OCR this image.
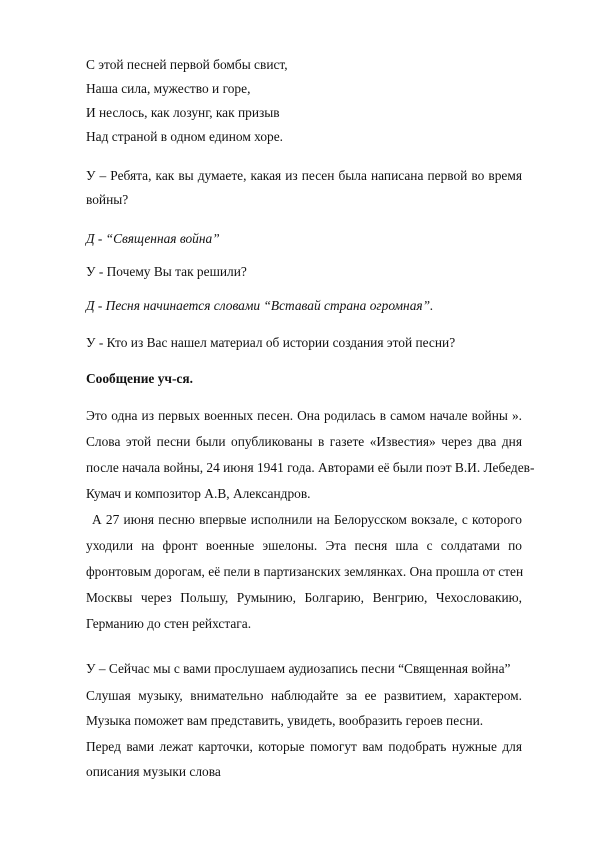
С этой песней первой бомбы свист,
Наша сила, мужество и горе,
И неслось, как лозунг, как призыв
Над страной в одном едином хоре.
У – Ребята, как вы думаете, какая из песен была написана первой во время
войны?
Д - “Священная война”
У - Почему Вы так решили?
Д - Песня начинается словами “Вставай страна огромная”.
У - Кто из Вас нашел материал об истории создания этой песни?
Сообщение уч-ся.
Это одна из первых военных песен. Она родилась в самом начале войны ».
Слова этой песни были опубликованы в газете «Известия» через два дня
после начала войны, 24 июня 1941 года. Авторами её были поэт В.И. Лебедев-
Кумач и композитор А.В, Александров.
А 27 июня песню впервые исполнили на Белорусском вокзале, с которого
уходили на фронт военные эшелоны. Эта песня шла с солдатами по
фронтовым дорогам, её пели в партизанских землянках. Она прошла от стен
Москвы через Польшу, Румынию, Болгарию, Венгрию, Чехословакию,
Германию до стен рейхстага.
У – Сейчас мы с вами прослушаем аудиозапись песни “Священная война”
Слушая музыку, внимательно наблюдайте за ее развитием, характером.
Музыка поможет вам представить, увидеть, вообразить героев песни.
Перед вами лежат карточки, которые помогут вам подобрать нужные для
описания музыки слова
